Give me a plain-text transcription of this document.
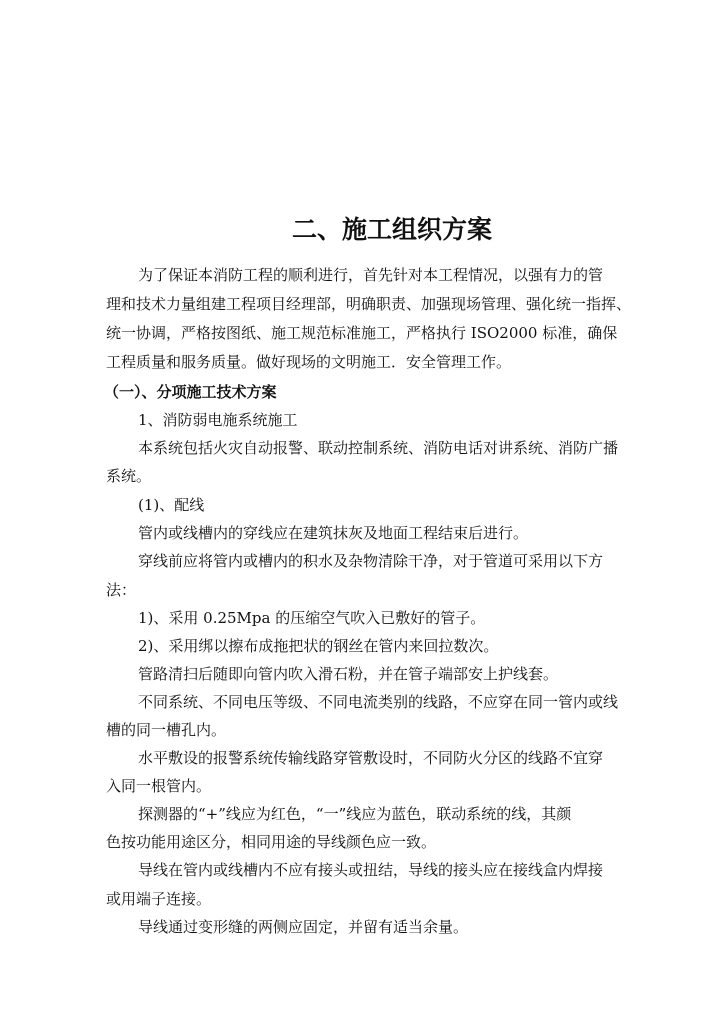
二、施工组织方案
为了保证本消防工程的顺利进行，首先针对本工程情况，以强有力的管
理和技术力量组建工程项目经理部，明确职责、加强现场管理、强化统一指挥、
统一协调，严格按图纸、施工规范标准施工，严格执行 ISO2000 标准，确保
工程质量和服务质量。做好现场的文明施工．安全管理工作。
（一）、分项施工技术方案
1、消防弱电施系统施工
本系统包括火灾自动报警、联动控制系统、消防电话对讲系统、消防广播
系统。
(1)、配线
管内或线槽内的穿线应在建筑抹灰及地面工程结束后进行。
穿线前应将管内或槽内的积水及杂物清除干净，对于管道可采用以下方
法：
1)、采用 0.25Mpa 的压缩空气吹入已敷好的管子。
2)、采用绑以擦布成拖把状的钢丝在管内来回拉数次。
管路清扫后随即向管内吹入滑石粉，并在管子端部安上护线套。
不同系统、不同电压等级、不同电流类别的线路，不应穿在同一管内或线
槽的同一槽孔内。
水平敷设的报警系统传输线路穿管敷设时，不同防火分区的线路不宜穿
入同一根管内。
探测器的“+”线应为红色，“一”线应为蓝色，联动系统的线，其颜
色按功能用途区分，相同用途的导线颜色应一致。
导线在管内或线槽内不应有接头或扭结，导线的接头应在接线盒内焊接
或用端子连接。
导线通过变形缝的两侧应固定，并留有适当余量。
